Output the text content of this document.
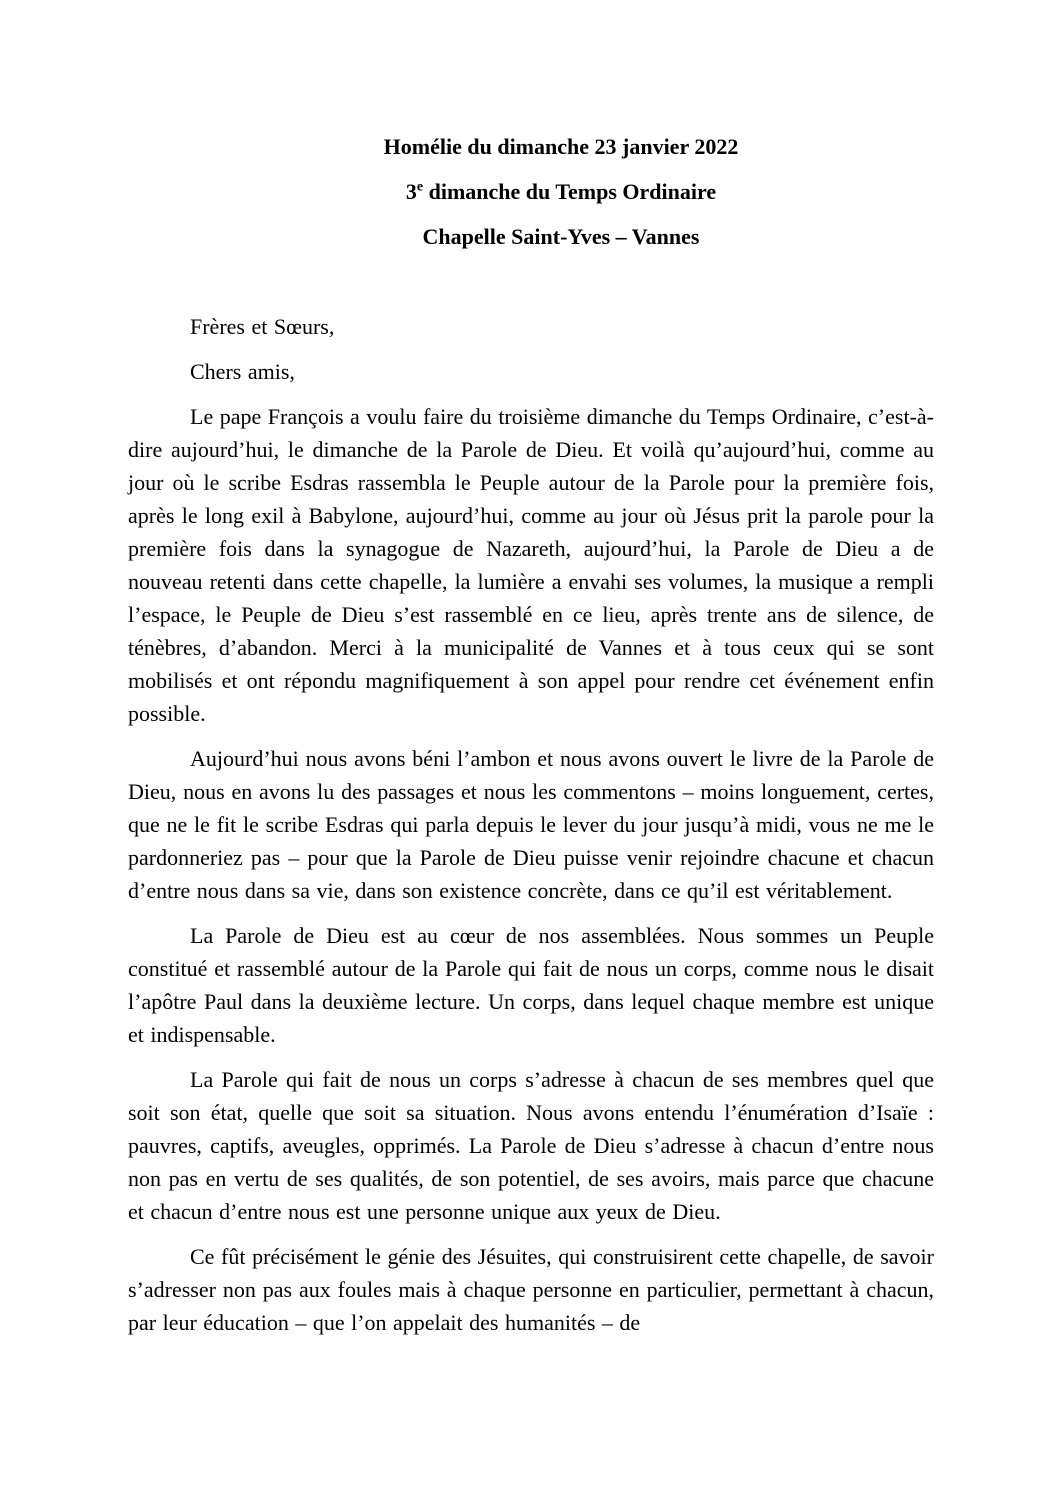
Homélie du dimanche 23 janvier 2022

3e dimanche du Temps Ordinaire

Chapelle Saint-Yves – Vannes

Frères et Sœurs,

Chers amis,

Le pape François a voulu faire du troisième dimanche du Temps Ordinaire, c’est-à-dire aujourd’hui, le dimanche de la Parole de Dieu. Et voilà qu’aujourd’hui, comme au jour où le scribe Esdras rassembla le Peuple autour de la Parole pour la première fois, après le long exil à Babylone, aujourd’hui, comme au jour où Jésus prit la parole pour la première fois dans la synagogue de Nazareth, aujourd’hui, la Parole de Dieu a de nouveau retenti dans cette chapelle, la lumière a envahi ses volumes, la musique a rempli l’espace, le Peuple de Dieu s’est rassemblé en ce lieu, après trente ans de silence, de ténèbres, d’abandon. Merci à la municipalité de Vannes et à tous ceux qui se sont mobilisés et ont répondu magnifiquement à son appel pour rendre cet événement enfin possible.

Aujourd’hui nous avons béni l’ambon et nous avons ouvert le livre de la Parole de Dieu, nous en avons lu des passages et nous les commentons – moins longuement, certes, que ne le fit le scribe Esdras qui parla depuis le lever du jour jusqu’à midi, vous ne me le pardonneriez pas – pour que la Parole de Dieu puisse venir rejoindre chacune et chacun d’entre nous dans sa vie, dans son existence concrète, dans ce qu’il est véritablement.

La Parole de Dieu est au cœur de nos assemblées. Nous sommes un Peuple constitué et rassemblé autour de la Parole qui fait de nous un corps, comme nous le disait l’apôtre Paul dans la deuxième lecture. Un corps, dans lequel chaque membre est unique et indispensable.

La Parole qui fait de nous un corps s’adresse à chacun de ses membres quel que soit son état, quelle que soit sa situation. Nous avons entendu l’énumération d’Isaïe : pauvres, captifs, aveugles, opprimés. La Parole de Dieu s’adresse à chacun d’entre nous non pas en vertu de ses qualités, de son potentiel, de ses avoirs, mais parce que chacune et chacun d’entre nous est une personne unique aux yeux de Dieu.

Ce fût précisément le génie des Jésuites, qui construisirent cette chapelle, de savoir s’adresser non pas aux foules mais à chaque personne en particulier, permettant à chacun, par leur éducation – que l’on appelait des humanités – de
